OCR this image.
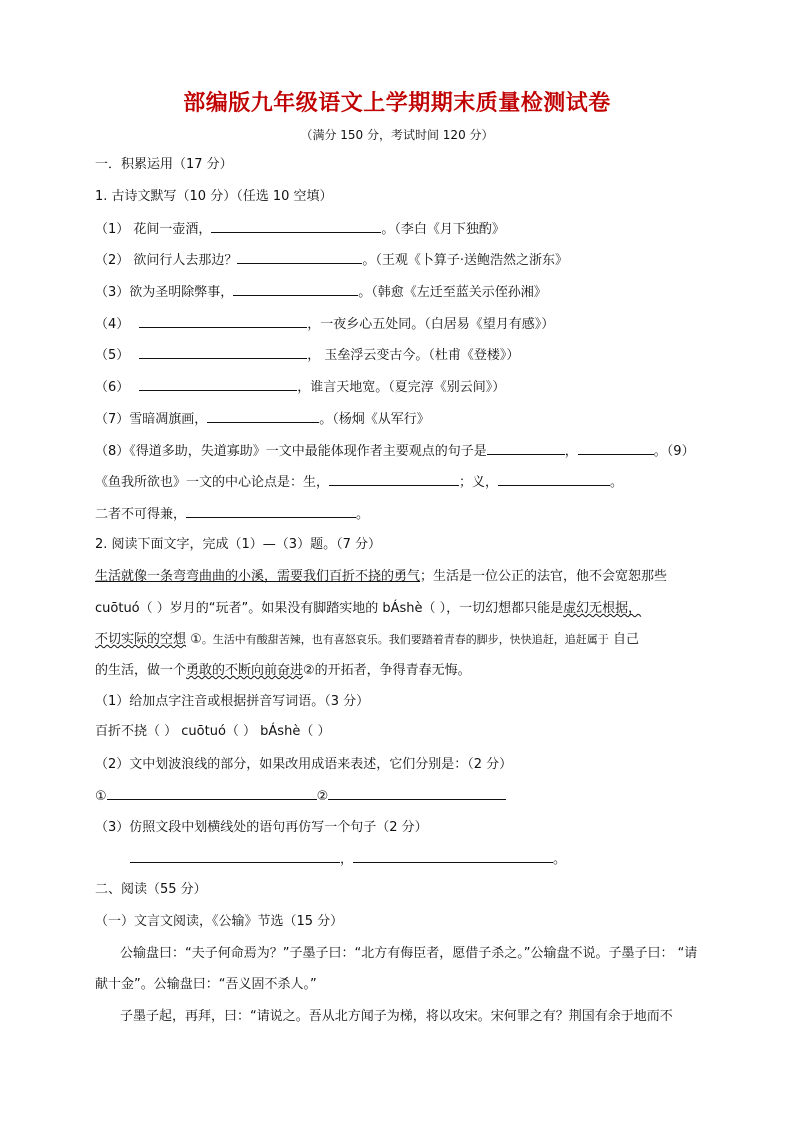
部编版九年级语文上学期期末质量检测试卷
（满分 150 分，考试时间 120 分）
一．积累运用（17 分）
1. 古诗文默写（10 分）（任选 10 空填）
（1） 花间一壶酒，	。（李白《月下独酌》
（2） 欲问行人去那边？	。（王观《卜算子·送鲍浩然之浙东》
（3）欲为圣明除弊事，	。（韩愈《左迁至蓝关示侄孙湘》
（4）	，一夜乡心五处同。（白居易《望月有感》）
（5）	， 玉垒浮云变古今。（杜甫《登楼》）
（6）	，谁言天地宽。（夏完淳《别云间》）
（7）雪暗凋旗画，	。（杨炯《从军行》
（8）《得道多助，失道寡助》一文中最能体现作者主要观点的句子是	，	。（9）
《鱼我所欲也》一文的中心论点是：生，	；义，	。
二者不可得兼，	。
2. 阅读下面文字，完成（1）—（3）题。（7 分）
生活就像一条弯弯曲曲的小溪，需要我们百折不挠的勇气；生活是一位公正的法官，他不会宽恕那些
cuōtuó（ ）岁月的“玩者”。如果没有脚踏实地的 bÁshè（ ），一切幻想都只能是虚幻无根据，
不切实际的空想 ①。生活中有酸甜苦辣，也有喜怒哀乐。我们要踏着青春的脚步，快快追赶，追赶属于 自己
的生活，做一个勇敢的不断向前奋进②的开拓者，争得青春无悔。
（1）给加点字注音或根据拼音写词语。（3 分）
百折不挠（ ） cuōtuó（ ） bÁshè（ ）
（2）文中划波浪线的部分，如果改用成语来表述，它们分别是：（2 分）
①	②
（3）仿照文段中划横线处的语句再仿写一个句子（2 分）
，	。
二、阅读（55 分）
（一）文言文阅读，《公输》节选（15 分）
公输盘曰：“夫子何命焉为？”子墨子曰：“北方有侮臣者，愿借子杀之。”公输盘不说。子墨子曰： “请
献十金”。公输盘曰：“吾义固不杀人。”
子墨子起，再拜，曰：“请说之。吾从北方闻子为梯，将以攻宋。宋何罪之有？荆国有余于地而不
